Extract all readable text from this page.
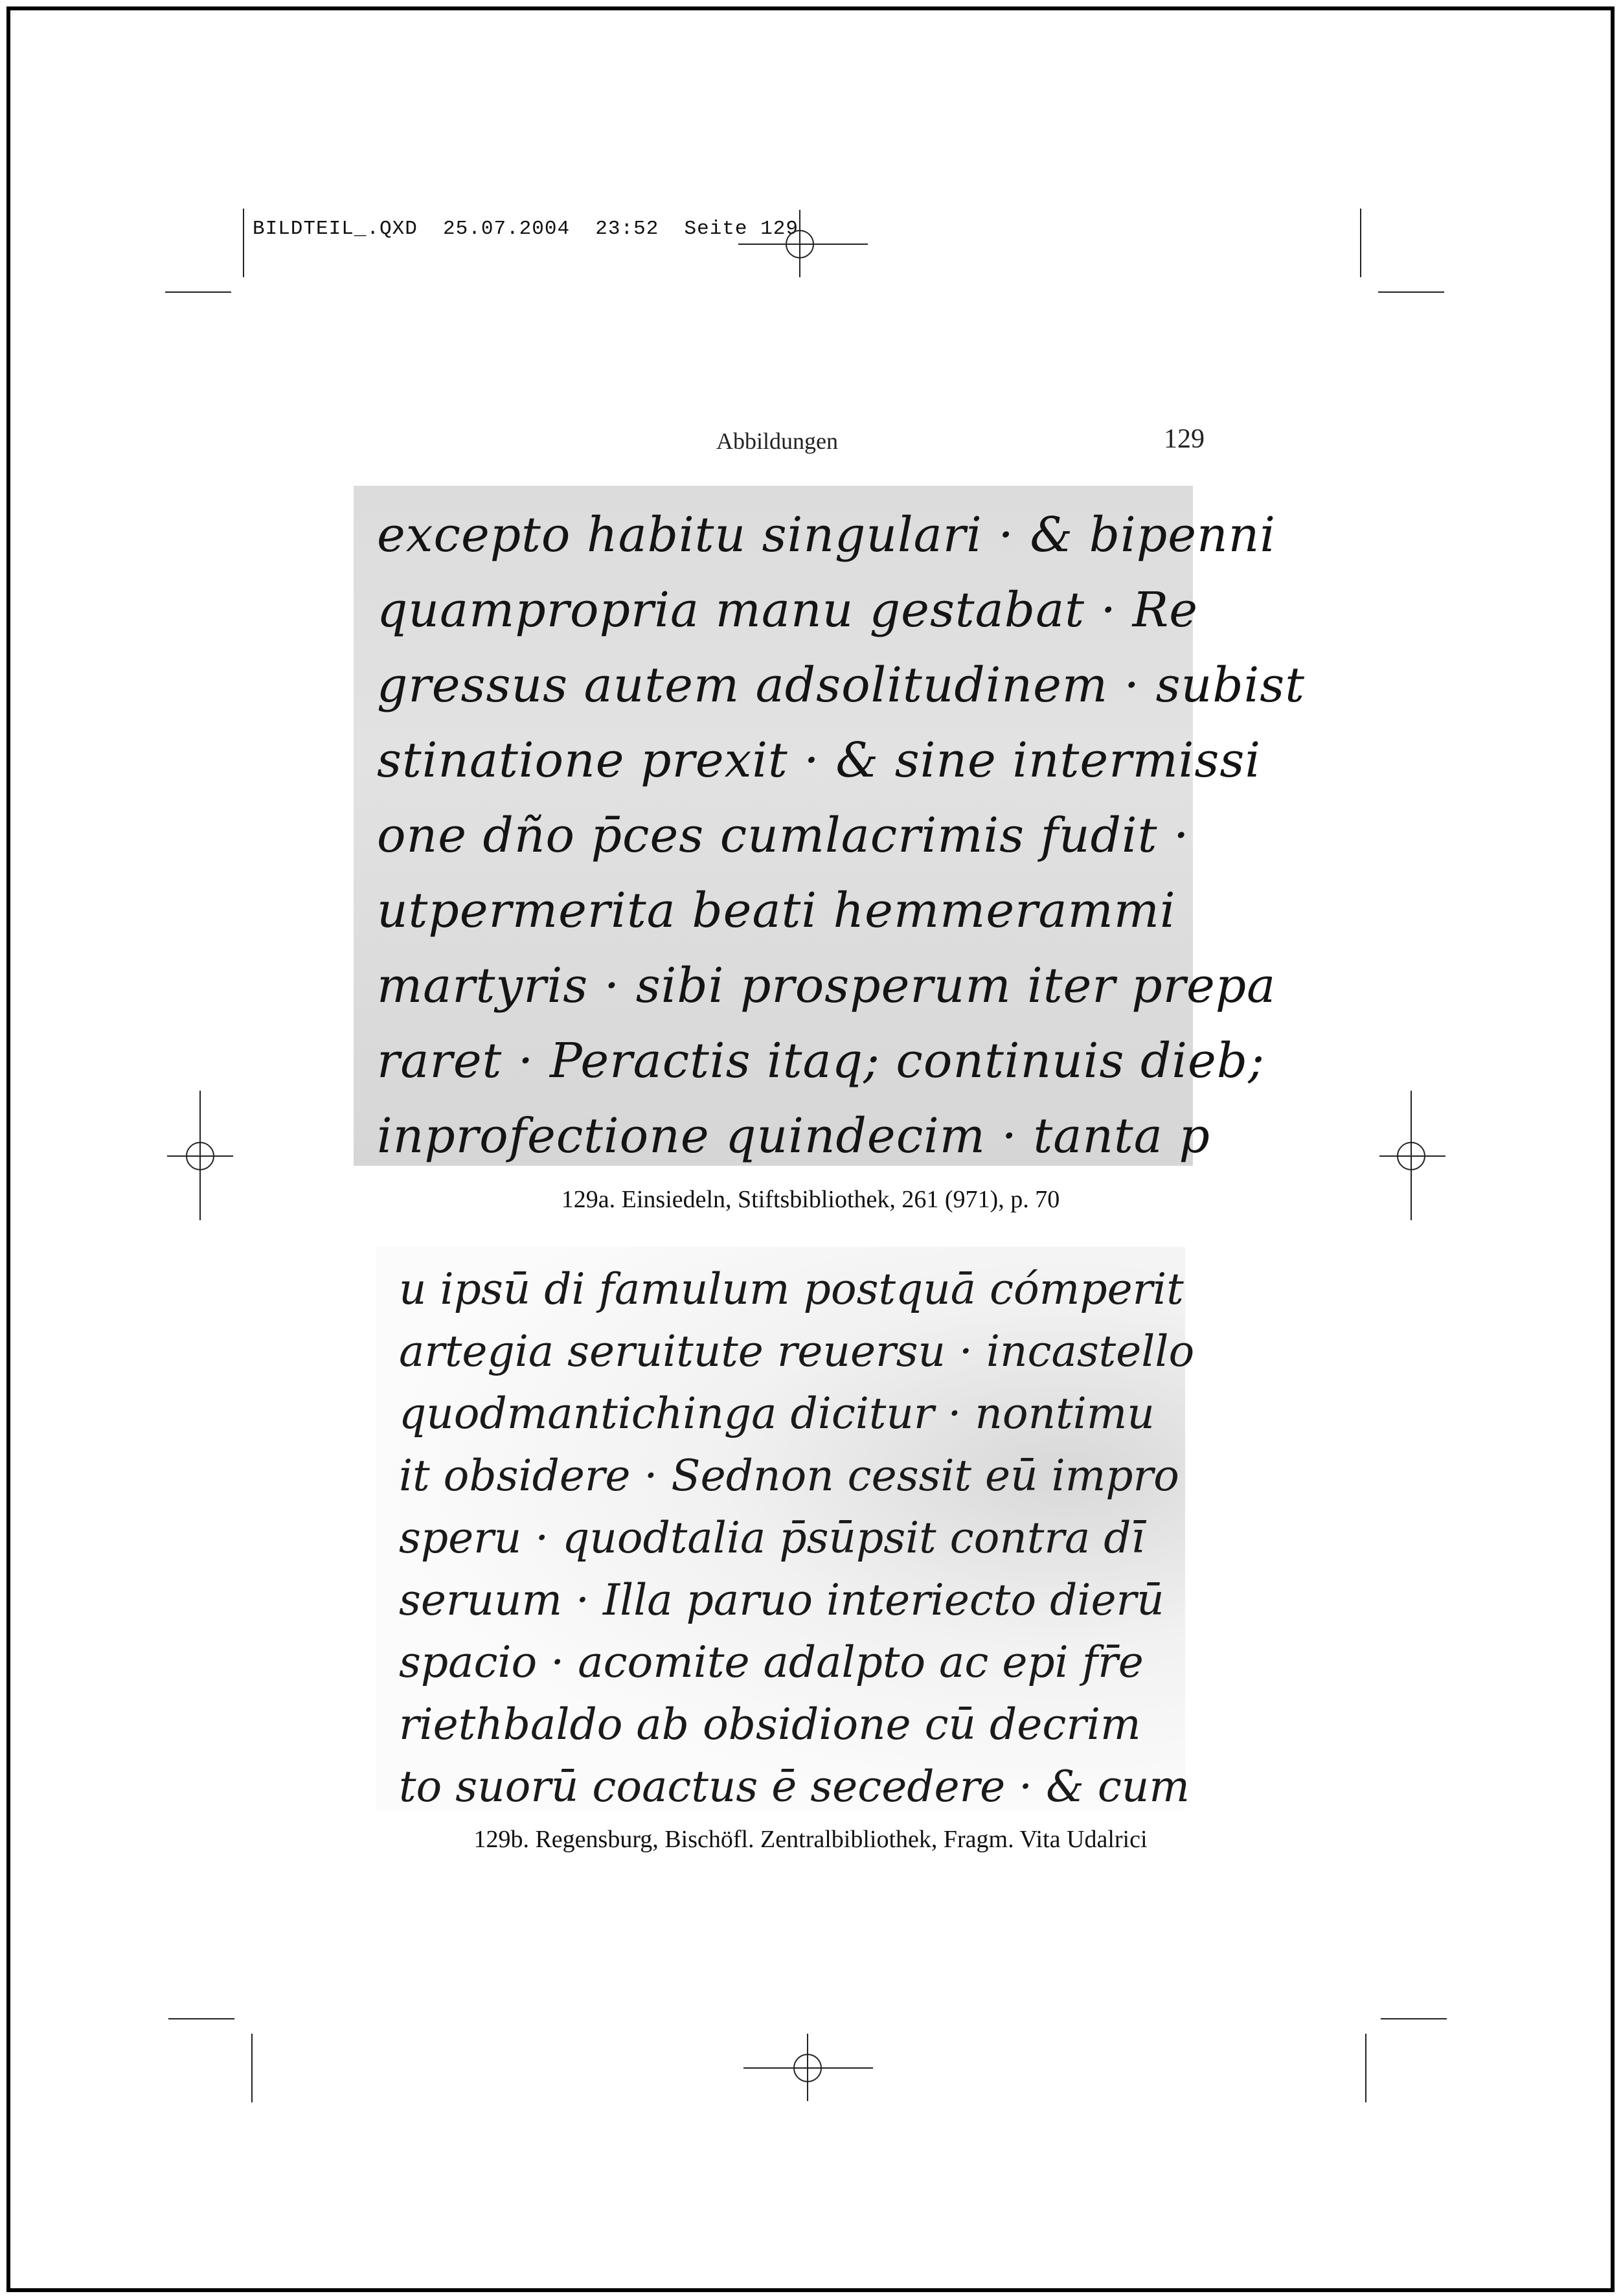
BILDTEIL_.QXD  25.07.2004  23:52  Seite 129
Abbildungen	129
excepto habitu singulari · & bipenni
quampropria manu gestabat · Re
gressus autem adsolitudinem · subist
stinatione prexit · & sine intermissi
one dño p̄ces cumlacrimis fudit ·
utpermerita beati hemmerammi
martyris · sibi prosperum iter prepa
raret · Peractis itaq; continuis dieb;
inprofectione quindecim · tanta p
129a. Einsiedeln, Stiftsbibliothek, 261 (971), p. 70
u ipsū di famulum postquā cómperit
artegia seruitute reuersu · incastello
quodmantichinga dicitur · nontimu
it obsidere · Sednon cessit eū impro
speru · quodtalia p̄sūpsit contra dī
seruum · Illa paruo interiecto dierū
spacio · acomite adalpto ac epi fr̄e
riethbaldo ab obsidione cū decrim
to suorū coactus ē secedere · & cum
129b. Regensburg, Bischöfl. Zentralbibliothek, Fragm. Vita Udalrici
